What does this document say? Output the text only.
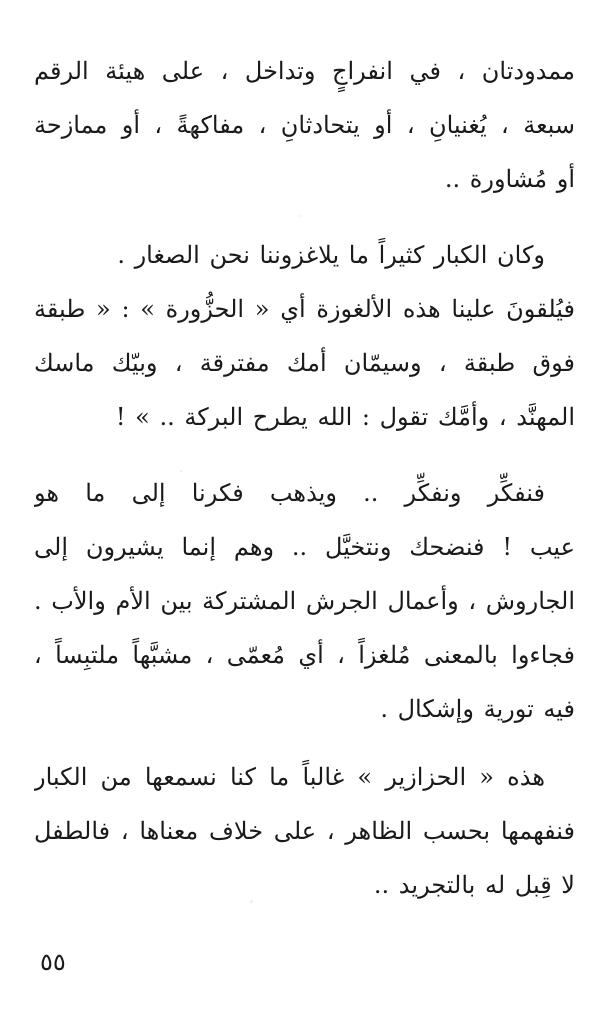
ممدودتان ، في انفراجٍ وتداخل ، على هيئة الرقم
سبعة ، يُغنيانِ ، أو يتحادثانِ ، مفاكهةً ، أو ممازحة
أو مُشاورة ..
وكان الكبار كثيراً ما يلاغزوننا نحن الصغار .
فيُلقونَ علينا هذه الألغوزة أي « الحزُّورة » : « طبقة
فوق طبقة ، وسيمّان أمك مفترقة ، وبيّك ماسك
المهنَّد ، وأمَّك تقول : الله يطرح البركة .. » !
فنفكِّر ونفكِّر .. ويذهب فكرنا إلى ما هو
عيب ! فنضحك ونتخيَّل .. وهم إنما يشيرون إلى
الجاروش ، وأعمال الجرش المشتركة بين الأم والأب .
فجاءوا بالمعنى مُلغزاً ، أي مُعمّى ، مشبَّهاً ملتبِساً ،
فيه تورية وإشكال .
هذه « الحزازير » غالباً ما كنا نسمعها من الكبار
فنفهمها بحسب الظاهر ، على خلاف معناها ، فالطفل
لا قِبل له بالتجريد ..
٥٥
